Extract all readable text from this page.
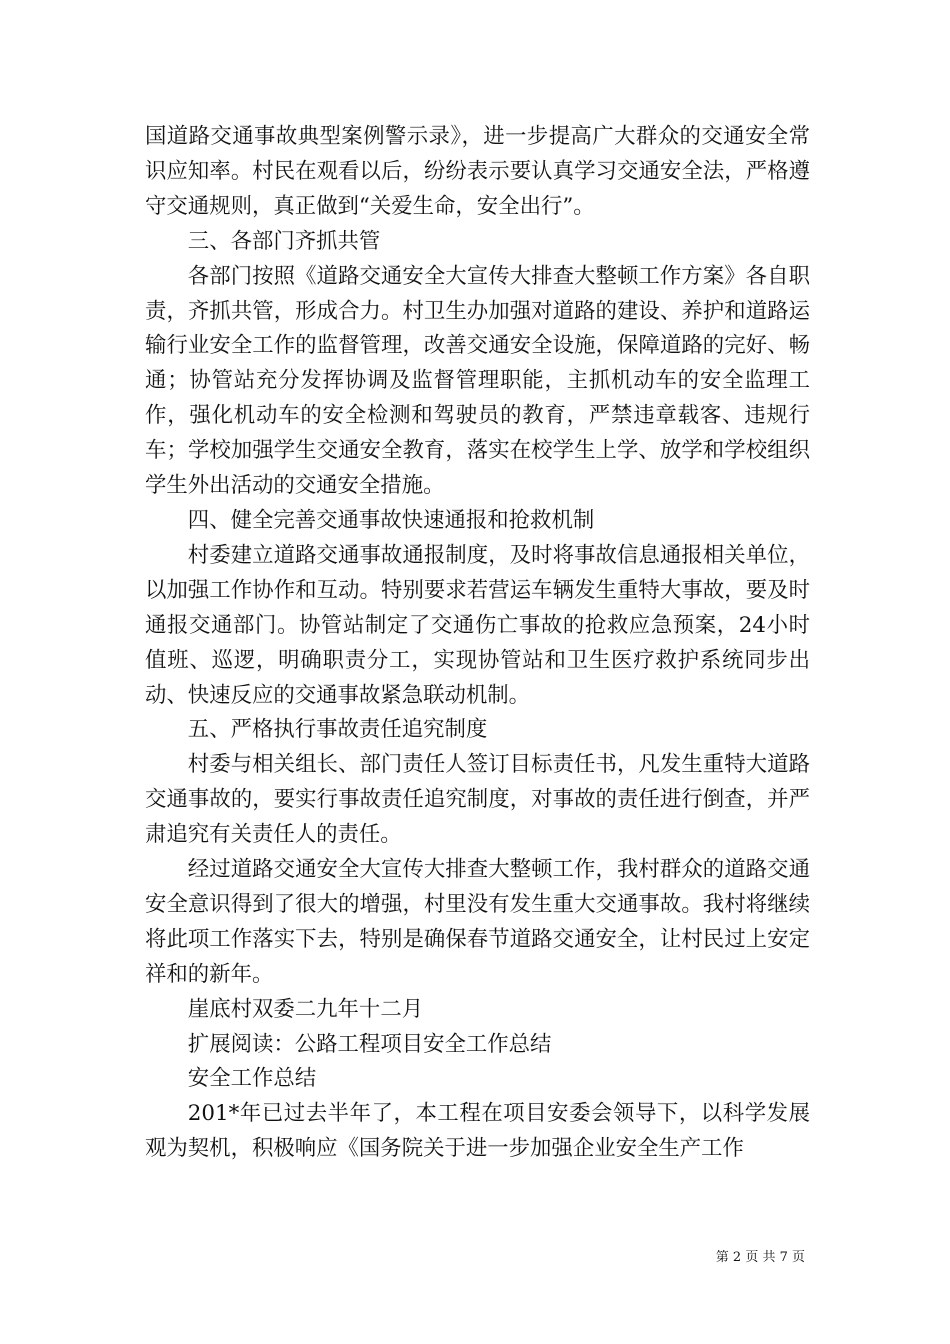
国道路交通事故典型案例警示录》，进一步提高广大群众的交通安全常识应知率。村民在观看以后，纷纷表示要认真学习交通安全法，严格遵守交通规则，真正做到“关爱生命，安全出行”。

三、各部门齐抓共管

各部门按照《道路交通安全大宣传大排查大整顿工作方案》各自职责，齐抓共管，形成合力。村卫生办加强对道路的建设、养护和道路运输行业安全工作的监督管理，改善交通安全设施，保障道路的完好、畅通；协管站充分发挥协调及监督管理职能，主抓机动车的安全监理工作，强化机动车的安全检测和驾驶员的教育，严禁违章载客、违规行车；学校加强学生交通安全教育，落实在校学生上学、放学和学校组织学生外出活动的交通安全措施。

四、健全完善交通事故快速通报和抢救机制

村委建立道路交通事故通报制度，及时将事故信息通报相关单位，以加强工作协作和互动。特别要求若营运车辆发生重特大事故，要及时通报交通部门。协管站制定了交通伤亡事故的抢救应急预案，24小时值班、巡逻，明确职责分工，实现协管站和卫生医疗救护系统同步出动、快速反应的交通事故紧急联动机制。

五、严格执行事故责任追究制度

村委与相关组长、部门责任人签订目标责任书，凡发生重特大道路交通事故的，要实行事故责任追究制度，对事故的责任进行倒查，并严肃追究有关责任人的责任。

经过道路交通安全大宣传大排查大整顿工作，我村群众的道路交通安全意识得到了很大的增强，村里没有发生重大交通事故。我村将继续将此项工作落实下去，特别是确保春节道路交通安全，让村民过上安定祥和的新年。

崖底村双委二九年十二月

扩展阅读：公路工程项目安全工作总结

安全工作总结

201*年已过去半年了，本工程在项目安委会领导下，以科学发展观为契机，积极响应《国务院关于进一步加强企业安全生产工作

第 2 页 共 7 页
